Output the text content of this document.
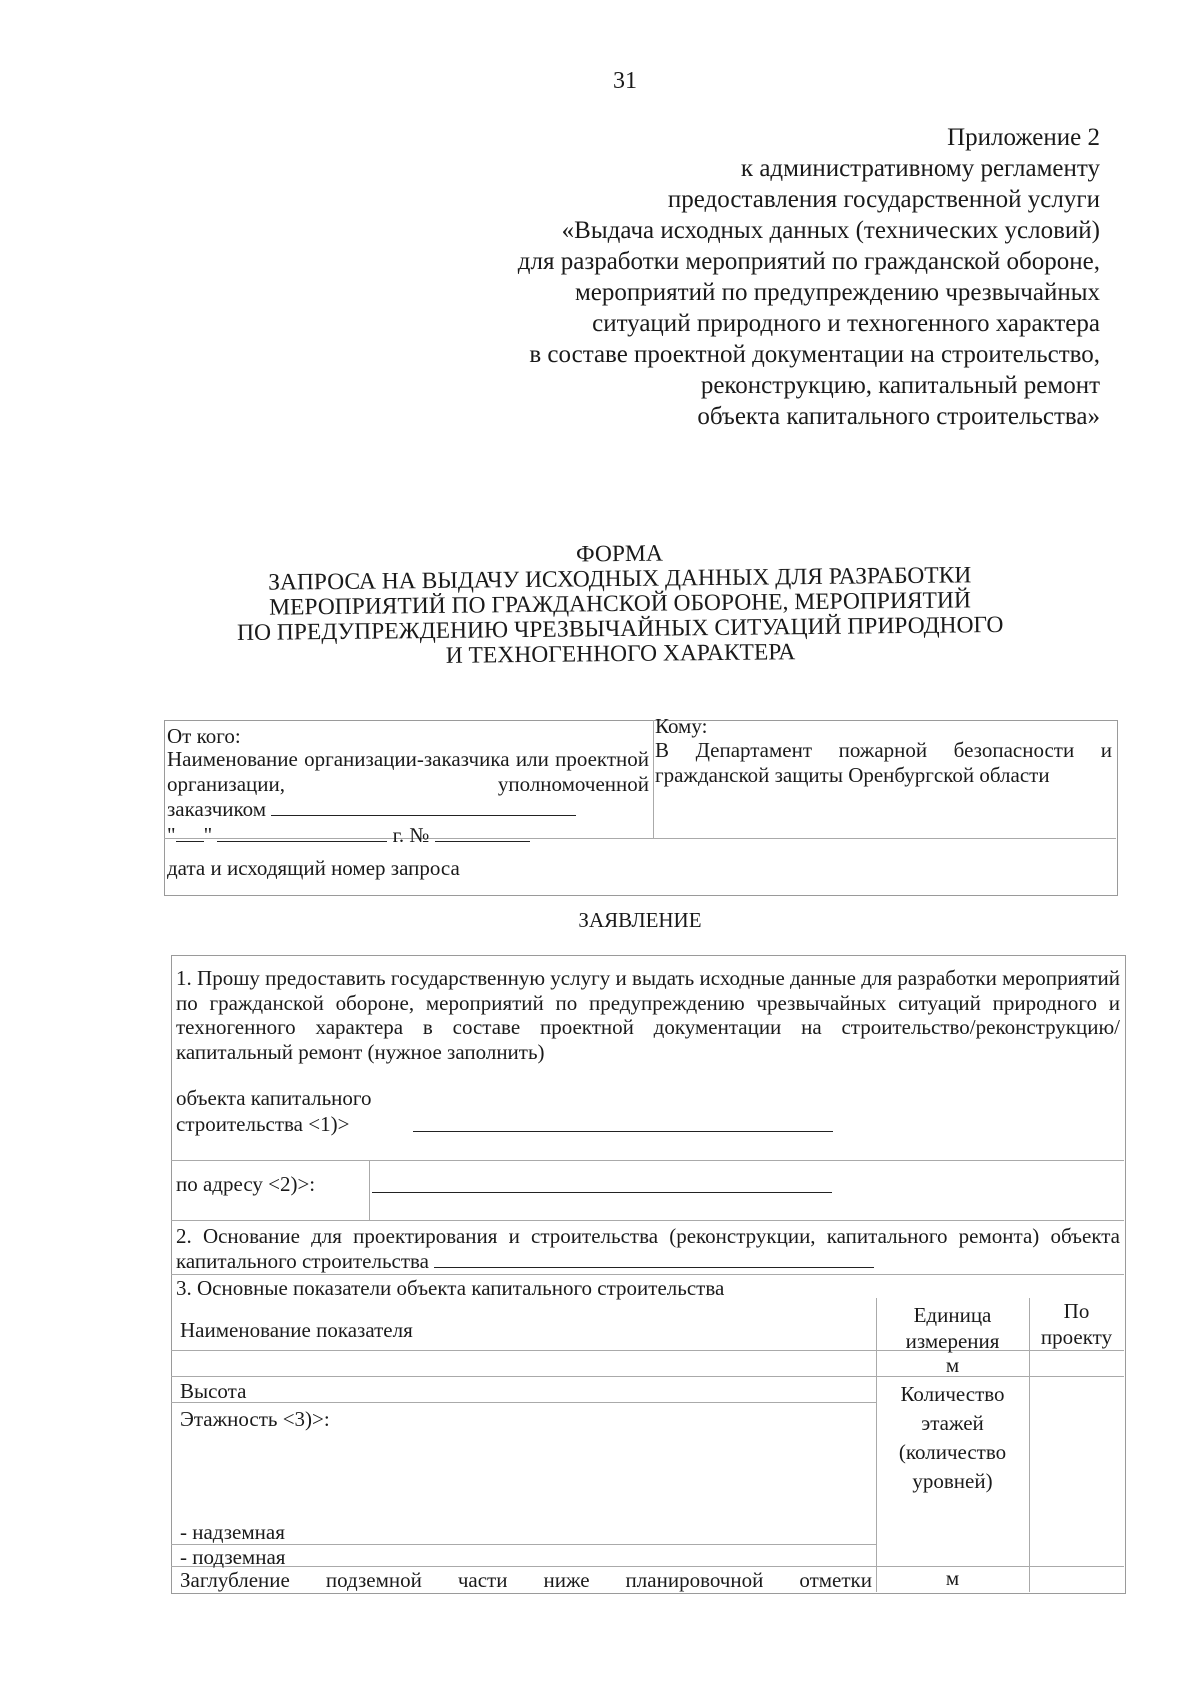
31
Приложение 2
к административному регламенту
предоставления государственной услуги
«Выдача исходных данных (технических условий)
для разработки мероприятий по гражданской обороне,
мероприятий по предупреждению чрезвычайных
ситуаций природного и техногенного характера
в составе проектной документации на строительство,
реконструкцию, капитальный ремонт
объекта капитального строительства»
ФОРМА
ЗАПРОСА НА ВЫДАЧУ ИСХОДНЫХ ДАННЫХ ДЛЯ РАЗРАБОТКИ
МЕРОПРИЯТИЙ ПО ГРАЖДАНСКОЙ ОБОРОНЕ, МЕРОПРИЯТИЙ
ПО ПРЕДУПРЕЖДЕНИЮ ЧРЕЗВЫЧАЙНЫХ СИТУАЦИЙ ПРИРОДНОГО
И ТЕХНОГЕННОГО ХАРАКТЕРА
От кого:
Наименование организации-заказчика или проектной организации, уполномоченной
заказчиком
" "	г. №
дата и исходящий номер запроса
Кому:
В Департамент пожарной безопасности и гражданской защиты Оренбургской области
ЗАЯВЛЕНИЕ
1. Прошу предоставить государственную услугу и выдать исходные данные для разработки мероприятий по гражданской обороне, мероприятий по предупреждению чрезвычайных ситуаций природного и техногенного характера в составе проектной документации на строительство/реконструкцию/капитальный ремонт (нужное заполнить)
объекта капитального
строительства <1)>
по адресу <2)>:
2. Основание для проектирования и строительства (реконструкции, капитального ремонта) объекта капитального строительства
3. Основные показатели объекта капитального строительства
Наименование показателя
Единица
измерения
По
проекту
м
Высота
Этажность <3)>:
Количество
этажей
(количество
уровней)
- надземная
- подземная
Заглубление подземной части ниже планировочной отметки	м
